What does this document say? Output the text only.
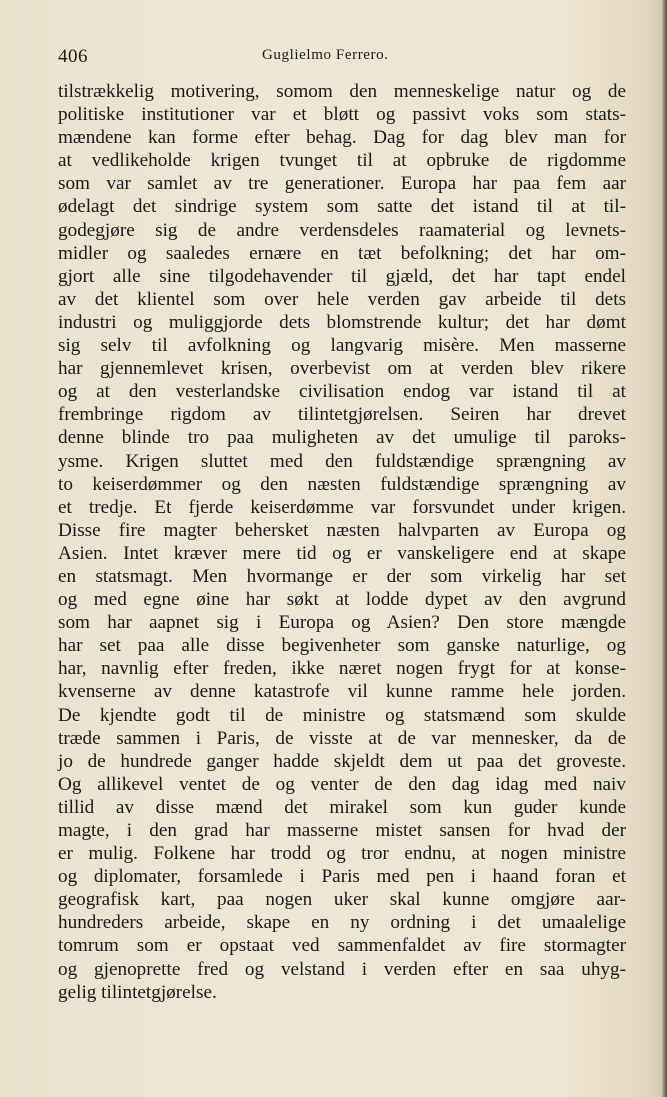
406	Guglielmo Ferrero.
tilstrækkelig motivering, somom den menneskelige natur og de
politiske institutioner var et bløtt og passivt voks som stats-
mændene kan forme efter behag. Dag for dag blev man for
at vedlikeholde krigen tvunget til at opbruke de rigdomme
som var samlet av tre generationer. Europa har paa fem aar
ødelagt det sindrige system som satte det istand til at til-
godegjøre sig de andre verdensdeles raamaterial og levnets-
midler og saaledes ernære en tæt befolkning; det har om-
gjort alle sine tilgodehavender til gjæld, det har tapt endel
av det klientel som over hele verden gav arbeide til dets
industri og muliggjorde dets blomstrende kultur; det har dømt
sig selv til avfolkning og langvarig misère. Men masserne
har gjennemlevet krisen, overbevist om at verden blev rikere
og at den vesterlandske civilisation endog var istand til at
frembringe rigdom av tilintetgjørelsen. Seiren har drevet
denne blinde tro paa muligheten av det umulige til paroks-
ysme. Krigen sluttet med den fuldstændige sprængning av
to keiserdømmer og den næsten fuldstændige sprængning av
et tredje. Et fjerde keiserdømme var forsvundet under krigen.
Disse fire magter behersket næsten halvparten av Europa og
Asien. Intet kræver mere tid og er vanskeligere end at skape
en statsmagt. Men hvormange er der som virkelig har set
og med egne øine har søkt at lodde dypet av den avgrund
som har aapnet sig i Europa og Asien? Den store mængde
har set paa alle disse begivenheter som ganske naturlige, og
har, navnlig efter freden, ikke næret nogen frygt for at konse-
kvenserne av denne katastrofe vil kunne ramme hele jorden.
De kjendte godt til de ministre og statsmænd som skulde
træde sammen i Paris, de visste at de var mennesker, da de
jo de hundrede ganger hadde skjeldt dem ut paa det groveste.
Og allikevel ventet de og venter de den dag idag med naiv
tillid av disse mænd det mirakel som kun guder kunde
magte, i den grad har masserne mistet sansen for hvad der
er mulig. Folkene har trodd og tror endnu, at nogen ministre
og diplomater, forsamlede i Paris med pen i haand foran et
geografisk kart, paa nogen uker skal kunne omgjøre aar-
hundreders arbeide, skape en ny ordning i det umaalelige
tomrum som er opstaat ved sammenfaldet av fire stormagter
og gjenoprette fred og velstand i verden efter en saa uhyg-
gelig tilintetgjørelse.
